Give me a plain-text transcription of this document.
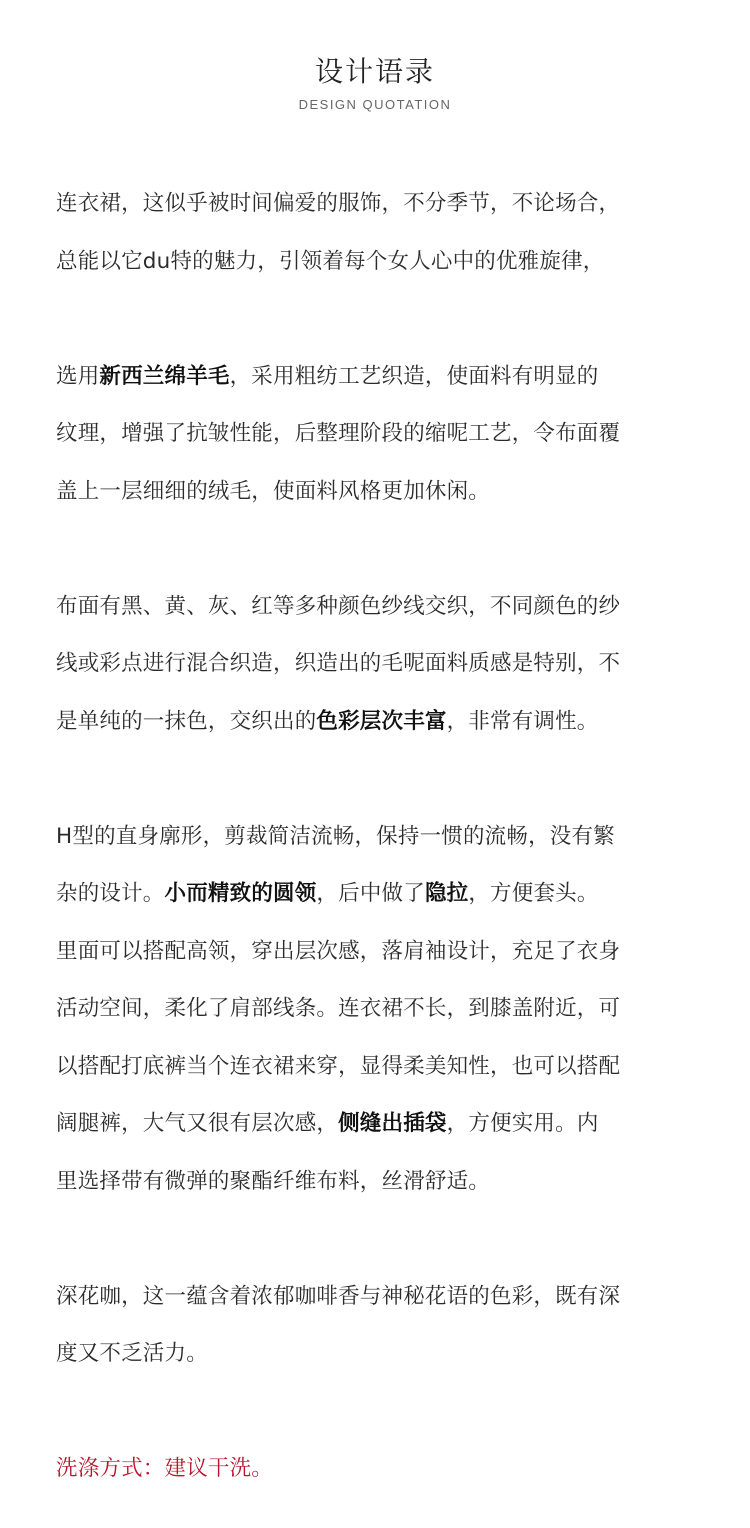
设计语录
DESIGN QUOTATION

连衣裙，这似乎被时间偏爱的服饰，不分季节，不论场合，
总能以它du特的魅力，引领着每个女人心中的优雅旋律，

选用新西兰绵羊毛，采用粗纺工艺织造，使面料有明显的
纹理，增强了抗皱性能，后整理阶段的缩呢工艺，令布面覆
盖上一层细细的绒毛，使面料风格更加休闲。

布面有黑、黄、灰、红等多种颜色纱线交织，不同颜色的纱
线或彩点进行混合织造，织造出的毛呢面料质感是特别，不
是单纯的一抹色，交织出的色彩层次丰富，非常有调性。

H型的直身廓形，剪裁简洁流畅，保持一惯的流畅，没有繁
杂的设计。小而精致的圆领，后中做了隐拉，方便套头。
里面可以搭配高领，穿出层次感，落肩袖设计，充足了衣身
活动空间，柔化了肩部线条。连衣裙不长，到膝盖附近，可
以搭配打底裤当个连衣裙来穿，显得柔美知性，也可以搭配
阔腿裤，大气又很有层次感，侧缝出插袋，方便实用。内
里选择带有微弹的聚酯纤维布料，丝滑舒适。

深花咖，这一蕴含着浓郁咖啡香与神秘花语的色彩，既有深
度又不乏活力。

洗涤方式：建议干洗。
